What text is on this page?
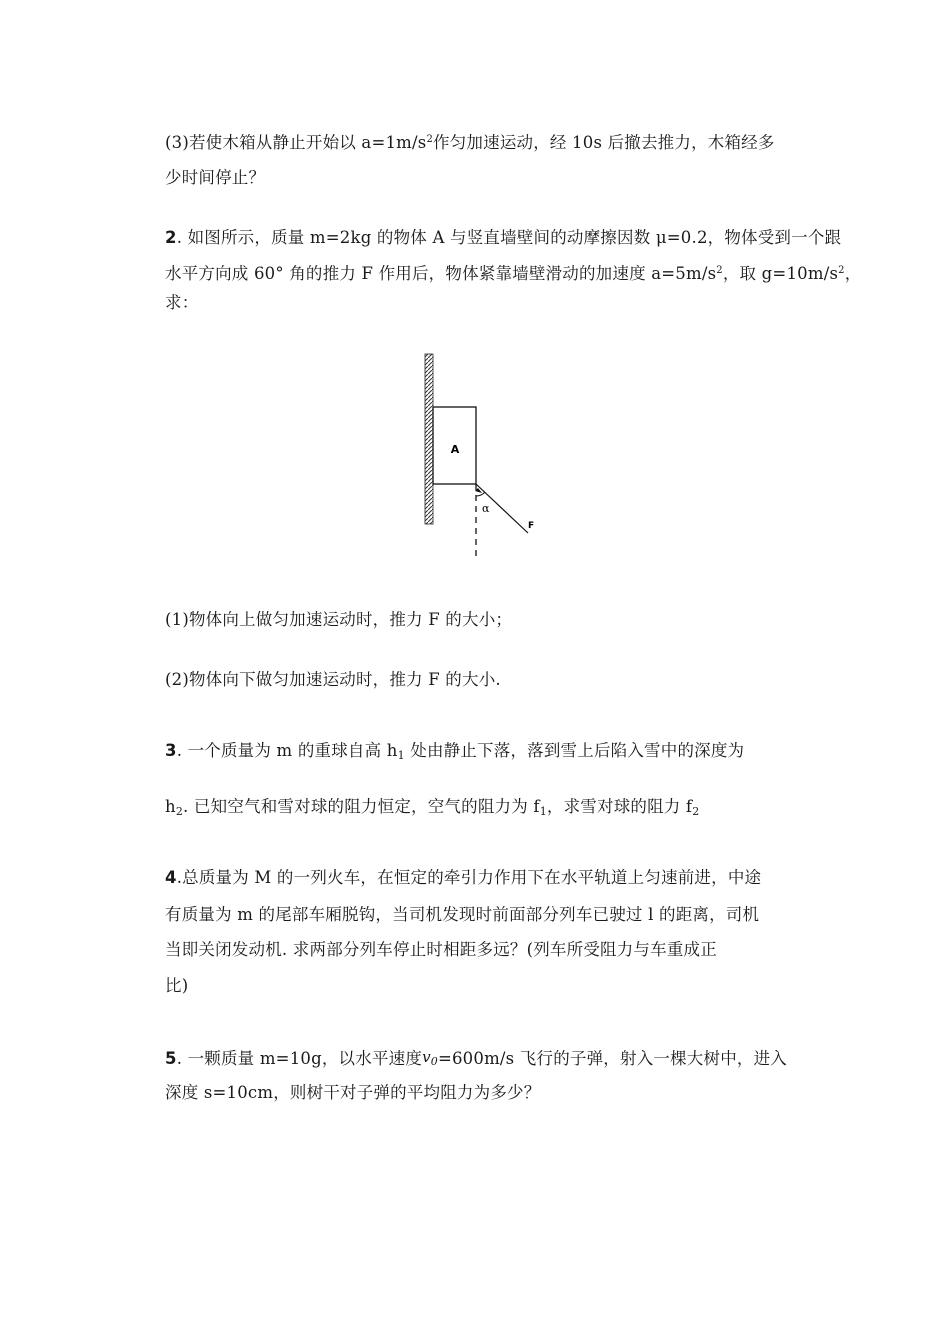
(3)若使木箱从静止开始以 $a=1m/s^2$作匀加速运动，经 10s 后撤去推力，木箱经多
少时间停止？
2. 如图所示，质量 m=2kg 的物体 A 与竖直墙壁间的动摩擦因数 μ=0.2，物体受到一个跟
水平方向成 60° 角的推力 F 作用后，物体紧靠墙壁滑动的加速度 $a=5m/s^2$，取 $g=10m/s^2$，
求：
A
α
F
(1)物体向上做匀加速运动时，推力 F 的大小；
(2)物体向下做匀加速运动时，推力 F 的大小.
3. 一个质量为 m 的重球自高 $h_1$ 处由静止下落，落到雪上后陷入雪中的深度为
$h_2$. 已知空气和雪对球的阻力恒定，空气的阻力为 $f_1$，求雪对球的阻力 $f_2$
4.总质量为 M 的一列火车，在恒定的牵引力作用下在水平轨道上匀速前进，中途
有质量为 m 的尾部车厢脱钩，当司机发现时前面部分列车已驶过 l 的距离，司机
当即关闭发动机. 求两部分列车停止时相距多远？(列车所受阻力与车重成正
比)
5. 一颗质量 m=10g，以水平速度$v_0=600m/s$ 飞行的子弹，射入一棵大树中，进入
深度 s=10cm，则树干对子弹的平均阻力为多少？
